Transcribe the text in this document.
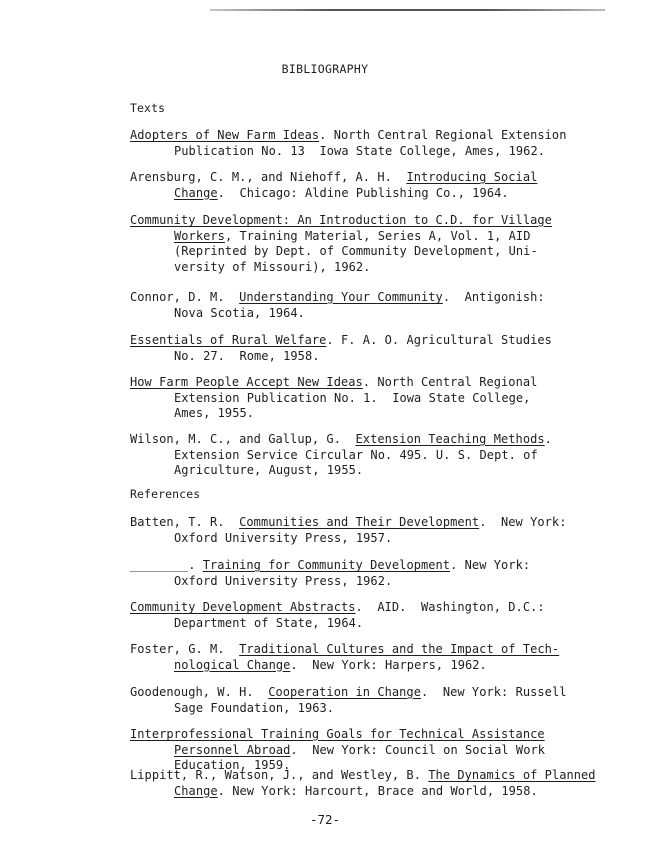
BIBLIOGRAPHY
Texts
Adopters of New Farm Ideas. North Central Regional Extension
Publication No. 13  Iowa State College, Ames, 1962.
Arensburg, C. M., and Niehoff, A. H.  Introducing Social
Change.  Chicago: Aldine Publishing Co., 1964.
Community Development: An Introduction to C.D. for Village
Workers, Training Material, Series A, Vol. 1, AID
(Reprinted by Dept. of Community Development, Uni-
versity of Missouri), 1962.
Connor, D. M.  Understanding Your Community.  Antigonish:
Nova Scotia, 1964.
Essentials of Rural Welfare. F. A. O. Agricultural Studies
No. 27.  Rome, 1958.
How Farm People Accept New Ideas. North Central Regional
Extension Publication No. 1.  Iowa State College,
Ames, 1955.
Wilson, M. C., and Gallup, G.  Extension Teaching Methods.
Extension Service Circular No. 495. U. S. Dept. of
Agriculture, August, 1955.
References
Batten, T. R.  Communities and Their Development.  New York:
Oxford University Press, 1957.
________. Training for Community Development. New York:
Oxford University Press, 1962.
Community Development Abstracts.  AID.  Washington, D.C.:
Department of State, 1964.
Foster, G. M.  Traditional Cultures and the Impact of Tech-
nological Change.  New York: Harpers, 1962.
Goodenough, W. H.  Cooperation in Change.  New York: Russell
Sage Foundation, 1963.
Interprofessional Training Goals for Technical Assistance
Personnel Abroad.  New York: Council on Social Work
Education, 1959.
Lippitt, R., Watson, J., and Westley, B. The Dynamics of Planned
Change. New York: Harcourt, Brace and World, 1958.
-72-
